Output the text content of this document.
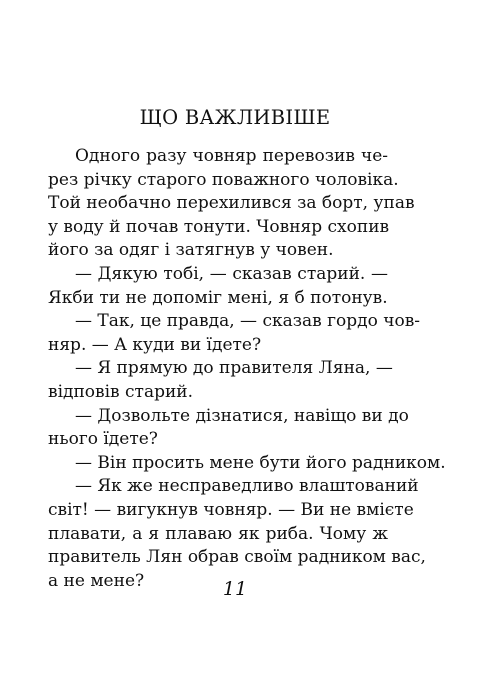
ЩО ВАЖЛИВІШЕ
Одного разу човняр перевозив че-
рез річку старого поважного чоловіка.
Той необачно перехилився за борт, упав
у воду й почав тонути. Човняр схопив
його за одяг і затягнув у човен.
— Дякую тобі, — сказав старий. —
Якби ти не допоміг мені, я б потонув.
— Так, це правда, — сказав гордо чов-
няр. — А куди ви їдете?
— Я прямую до правителя Ляна, —
відповів старий.
— Дозвольте дізнатися, навіщо ви до
нього їдете?
— Він просить мене бути його радником.
— Як же несправедливо влаштований
світ! — вигукнув човняр. — Ви не вмієте
плавати, а я плаваю як риба. Чому ж
правитель Лян обрав своїм радником вас,
а не мене?	11
